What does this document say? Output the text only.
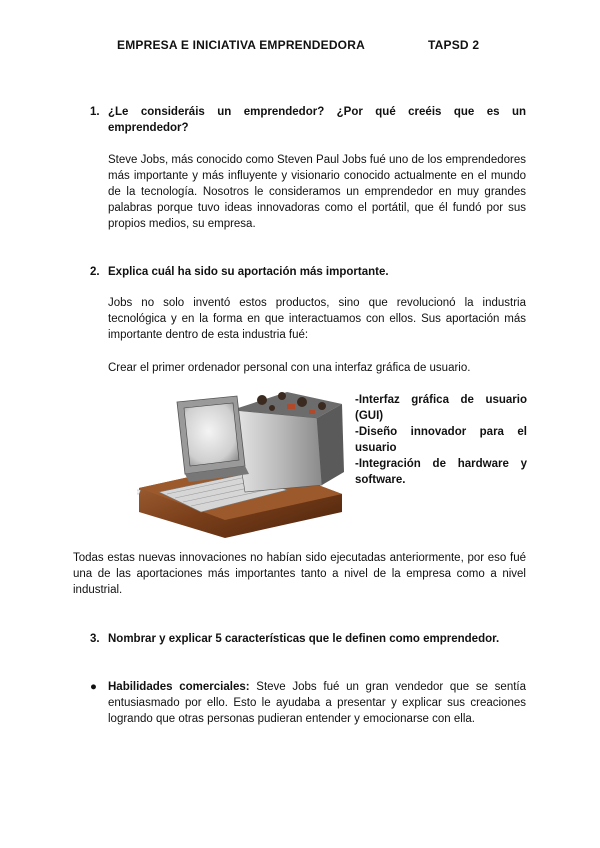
EMPRESA E INICIATIVA EMPRENDEDORA	TAPSD 2
1. ¿Le consideráis un emprendedor? ¿Por qué creéis que es un emprendedor?
Steve Jobs, más conocido como Steven Paul Jobs fué uno de los emprendedores más importante y más influyente y visionario conocido actualmente en el mundo de la tecnología. Nosotros le consideramos un emprendedor en muy grandes palabras porque tuvo ideas innovadoras como el portátil, que él fundó por sus propios medios, su empresa.
2. Explica cuál ha sido su aportación más importante.
Jobs no solo inventó estos productos, sino que revolucionó la industria tecnológica y en la forma en que interactuamos con ellos. Sus aportación más importante dentro de esta industria fué:
Crear el primer ordenador personal con una interfaz gráfica de usuario.
-Interfaz gráfica de usuario (GUI)
-Diseño innovador para el usuario
-Integración de hardware y software.
Todas estas nuevas innovaciones no habían sido ejecutadas anteriormente, por eso fué una de las aportaciones más importantes tanto a nivel de la empresa como a nivel industrial.
3. Nombrar y explicar 5 características que le definen como emprendedor.
● Habilidades comerciales: Steve Jobs fué un gran vendedor que se sentía entusiasmado por ello. Esto le ayudaba a presentar y explicar sus creaciones logrando que otras personas pudieran entender y emocionarse con ella.
